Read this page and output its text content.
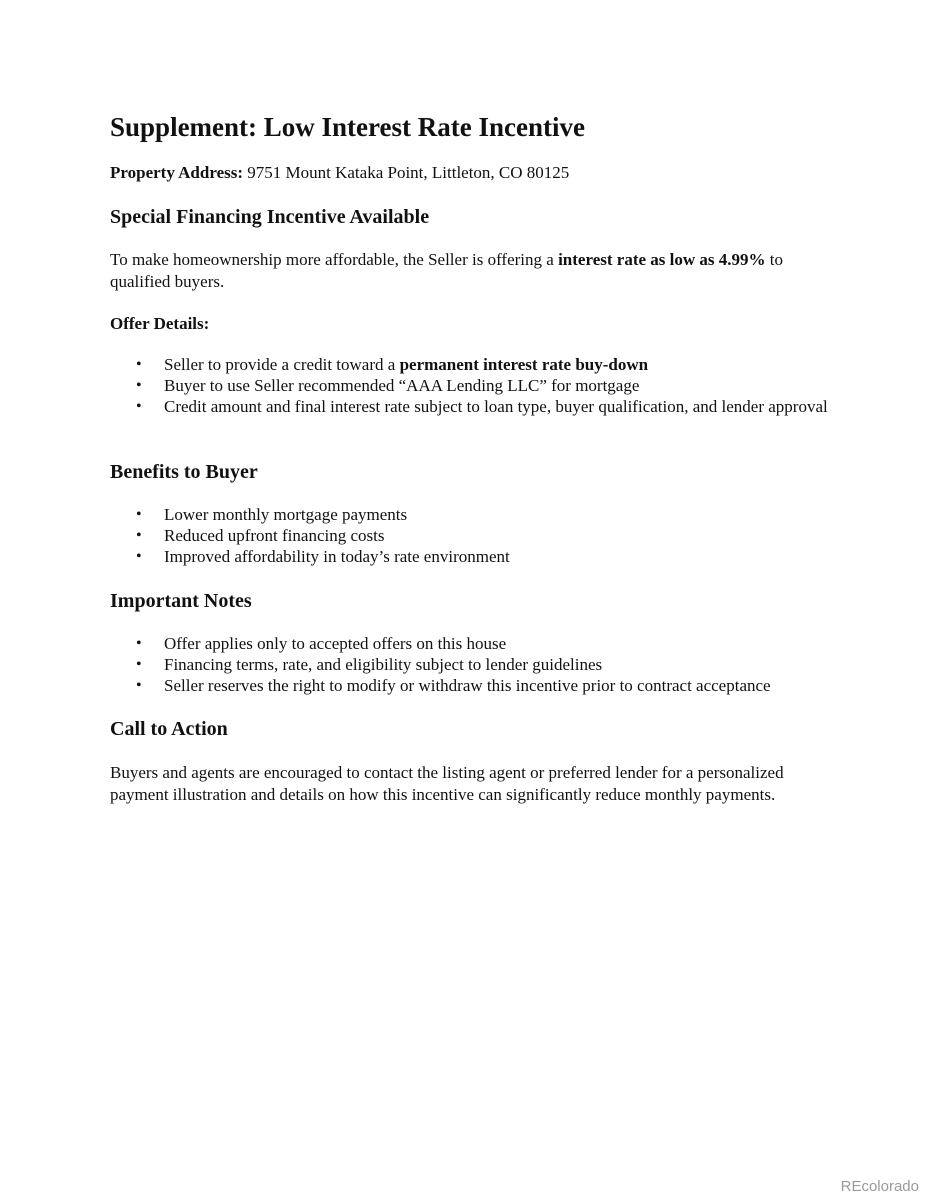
Supplement: Low Interest Rate Incentive

Property Address: 9751 Mount Kataka Point, Littleton, CO 80125

Special Financing Incentive Available

To make homeownership more affordable, the Seller is offering a interest rate as low as 4.99% to qualified buyers.

Offer Details:

• Seller to provide a credit toward a permanent interest rate buy-down
• Buyer to use Seller recommended “AAA Lending LLC” for mortgage
• Credit amount and final interest rate subject to loan type, buyer qualification, and lender approval
Benefits to Buyer
• Lower monthly mortgage payments
• Reduced upfront financing costs
• Improved affordability in today’s rate environment
Important Notes
• Offer applies only to accepted offers on this house
• Financing terms, rate, and eligibility subject to lender guidelines
• Seller reserves the right to modify or withdraw this incentive prior to contract acceptance
Call to Action

Buyers and agents are encouraged to contact the listing agent or preferred lender for a personalized payment illustration and details on how this incentive can significantly reduce monthly payments.

REcolorado
